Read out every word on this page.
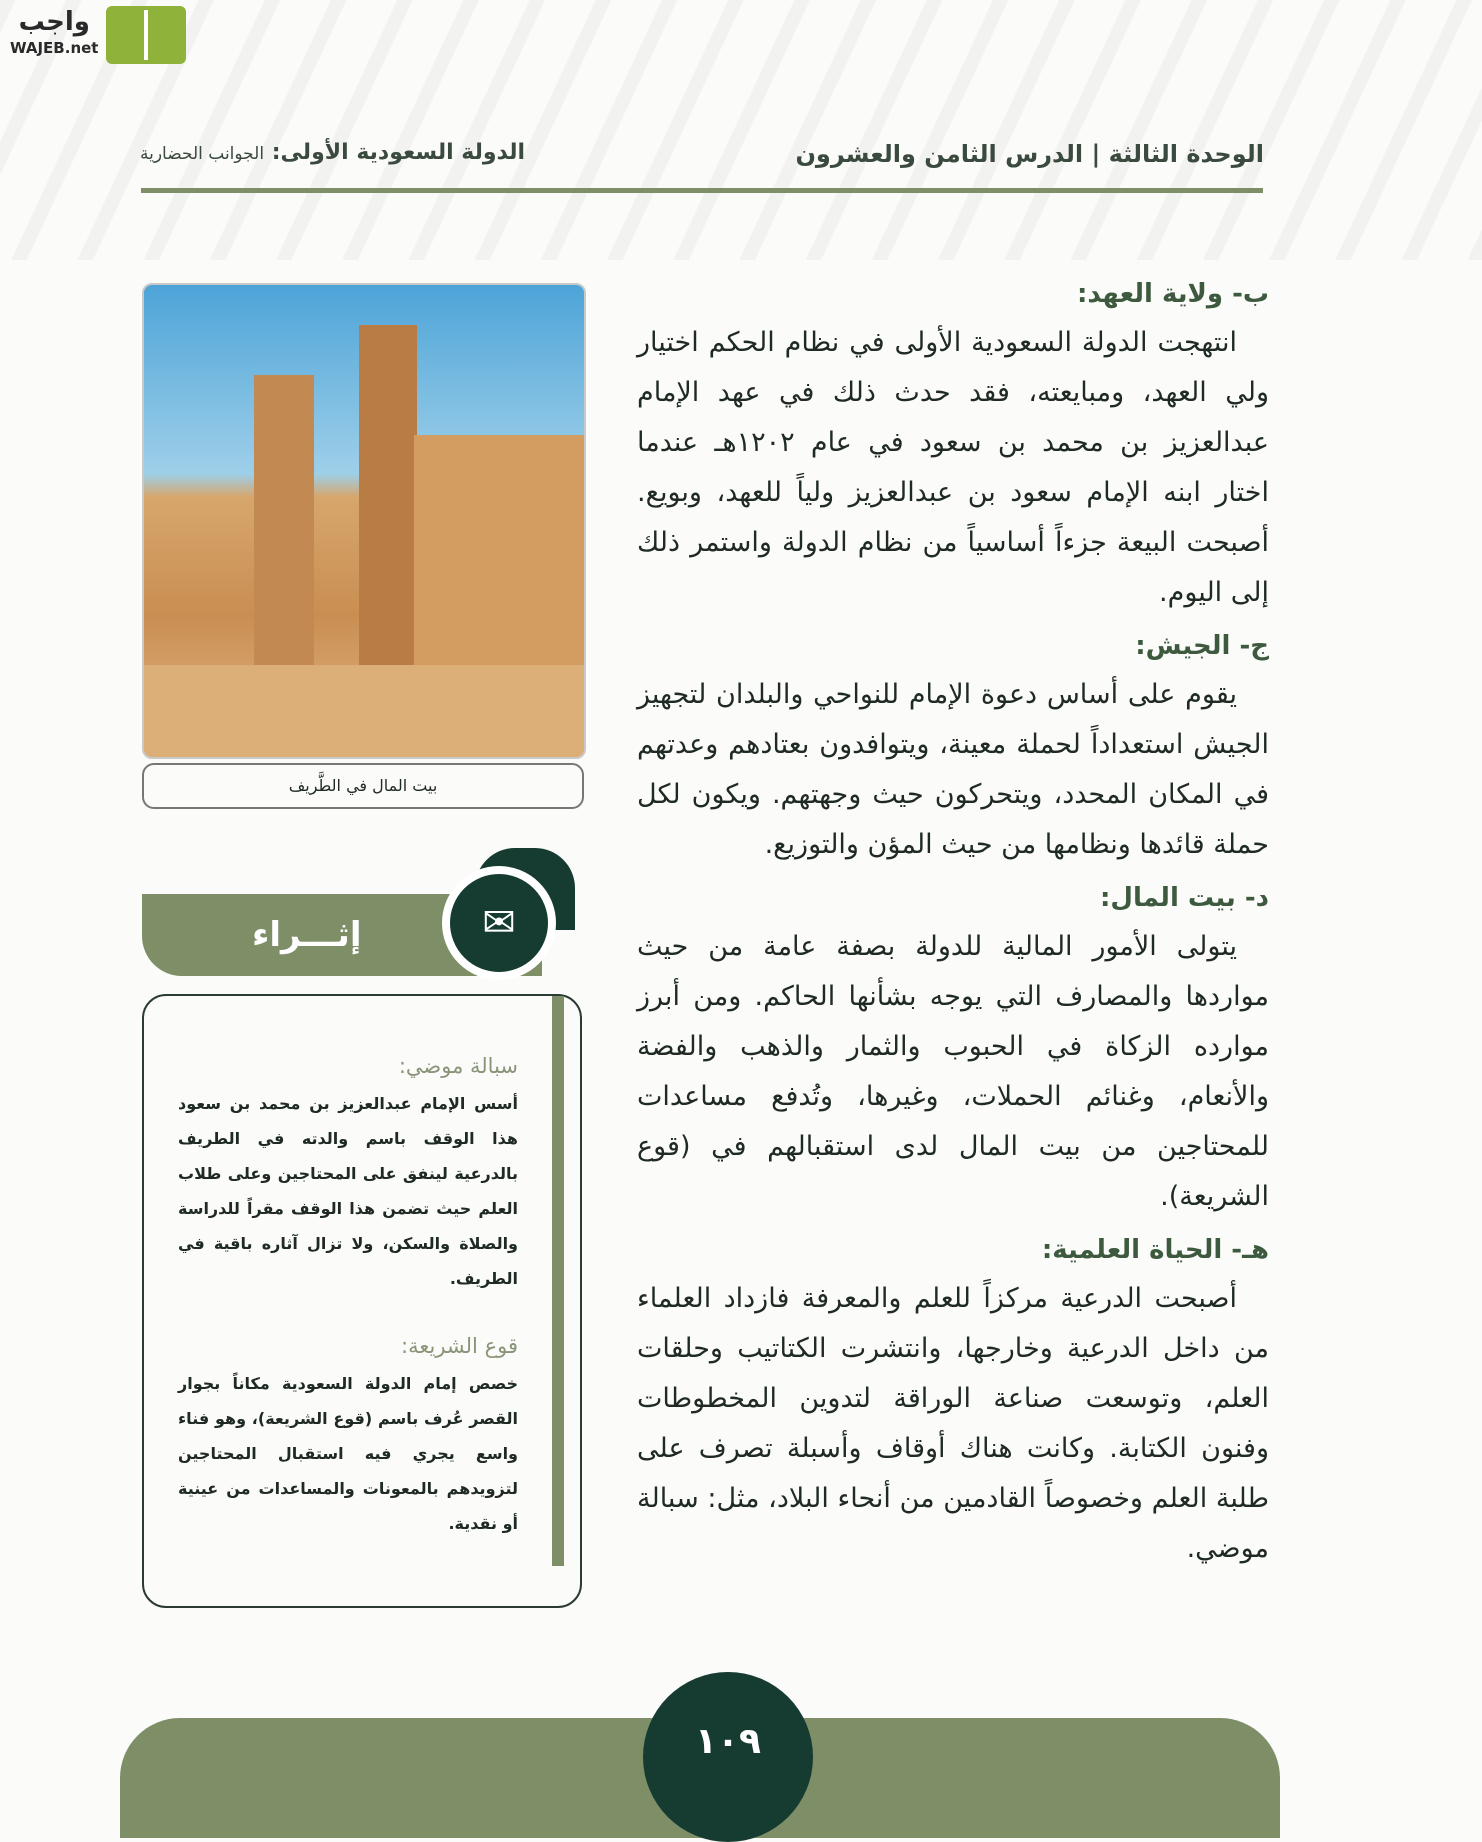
واجب
WAJEB.net
الوحدة الثالثة | الدرس الثامن والعشرون
الدولة السعودية الأولى: الجوانب الحضارية
ب- ولاية العهد:

انتهجت الدولة السعودية الأولى في نظام الحكم اختيار ولي العهد، ومبايعته، فقد حدث ذلك في عهد الإمام عبدالعزيز بن محمد بن سعود في عام ١٢٠٢هـ عندما اختار ابنه الإمام سعود بن عبدالعزيز ولياً للعهد، وبويع. أصبحت البيعة جزءاً أساسياً من نظام الدولة واستمر ذلك إلى اليوم.

ج- الجيش:

يقوم على أساس دعوة الإمام للنواحي والبلدان لتجهيز الجيش استعداداً لحملة معينة، ويتوافدون بعتادهم وعدتهم في المكان المحدد، ويتحركون حيث وجهتهم. ويكون لكل حملة قائدها ونظامها من حيث المؤن والتوزيع.

د- بيت المال:

يتولى الأمور المالية للدولة بصفة عامة من حيث مواردها والمصارف التي يوجه بشأنها الحاكم. ومن أبرز موارده الزكاة في الحبوب والثمار والذهب والفضة والأنعام، وغنائم الحملات، وغيرها، وتُدفع مساعدات للمحتاجين من بيت المال لدى استقبالهم في (قوع الشريعة).

هـ- الحياة العلمية:

أصبحت الدرعية مركزاً للعلم والمعرفة فازداد العلماء من داخل الدرعية وخارجها، وانتشرت الكتاتيب وحلقات العلم، وتوسعت صناعة الوراقة لتدوين المخطوطات وفنون الكتابة. وكانت هناك أوقاف وأسبلة تصرف على طلبة العلم وخصوصاً القادمين من أنحاء البلاد، مثل: سبالة موضي.

بيت المال في الطَّريف
إثـــراء	✉
سبالة موضي:

أسس الإمام عبدالعزيز بن محمد بن سعود هذا الوقف باسم والدته في الطريف بالدرعية لينفق على المحتاجين وعلى طلاب العلم حيث تضمن هذا الوقف مقراً للدراسة والصلاة والسكن، ولا تزال آثاره باقية في الطريف.

قوع الشريعة:

خصص إمام الدولة السعودية مكاناً بجوار القصر عُرف باسم (قوع الشريعة)، وهو فناء واسع يجري فيه استقبال المحتاجين لتزويدهم بالمعونات والمساعدات من عينية أو نقدية.

١٠٩
